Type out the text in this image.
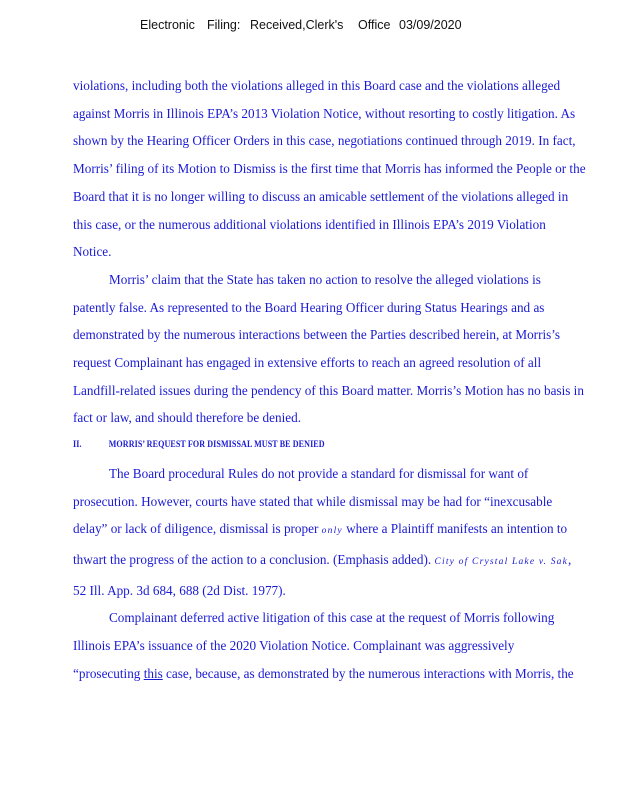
Electronic Filing: Received,Clerk's Office 03/09/2020

violations, including both the violations alleged in this Board case and the violations alleged
against Morris in Illinois EPA’s 2013 Violation Notice, without resorting to costly litigation. As
shown by the Hearing Officer Orders in this case, negotiations continued through 2019. In fact,
Morris’ filing of its Motion to Dismiss is the first time that Morris has informed the People or the
Board that it is no longer willing to discuss an amicable settlement of the violations alleged in
this case, or the numerous additional violations identified in Illinois EPA’s 2019 Violation
Notice.

Morris’ claim that the State has taken no action to resolve the alleged violations is
patently false. As represented to the Board Hearing Officer during Status Hearings and as
demonstrated by the numerous interactions between the Parties described herein, at Morris’s
request Complainant has engaged in extensive efforts to reach an agreed resolution of all
Landfill-related issues during the pendency of this Board matter. Morris’s Motion has no basis in
fact or law, and should therefore be denied.

II.	MORRIS’ REQUEST FOR DISMISSAL MUST BE DENIED

The Board procedural Rules do not provide a standard for dismissal for want of
prosecution. However, courts have stated that while dismissal may be had for “inexcusable
delay” or lack of diligence, dismissal is proper only where a Plaintiff manifests an intention to
thwart the progress of the action to a conclusion. (Emphasis added). City of Crystal Lake v. Sak,
52 Ill. App. 3d 684, 688 (2d Dist. 1977).

Complainant deferred active litigation of this case at the request of Morris following
Illinois EPA’s issuance of the 2020 Violation Notice. Complainant was aggressively
“prosecuting this case, because, as demonstrated by the numerous interactions with Morris, the
